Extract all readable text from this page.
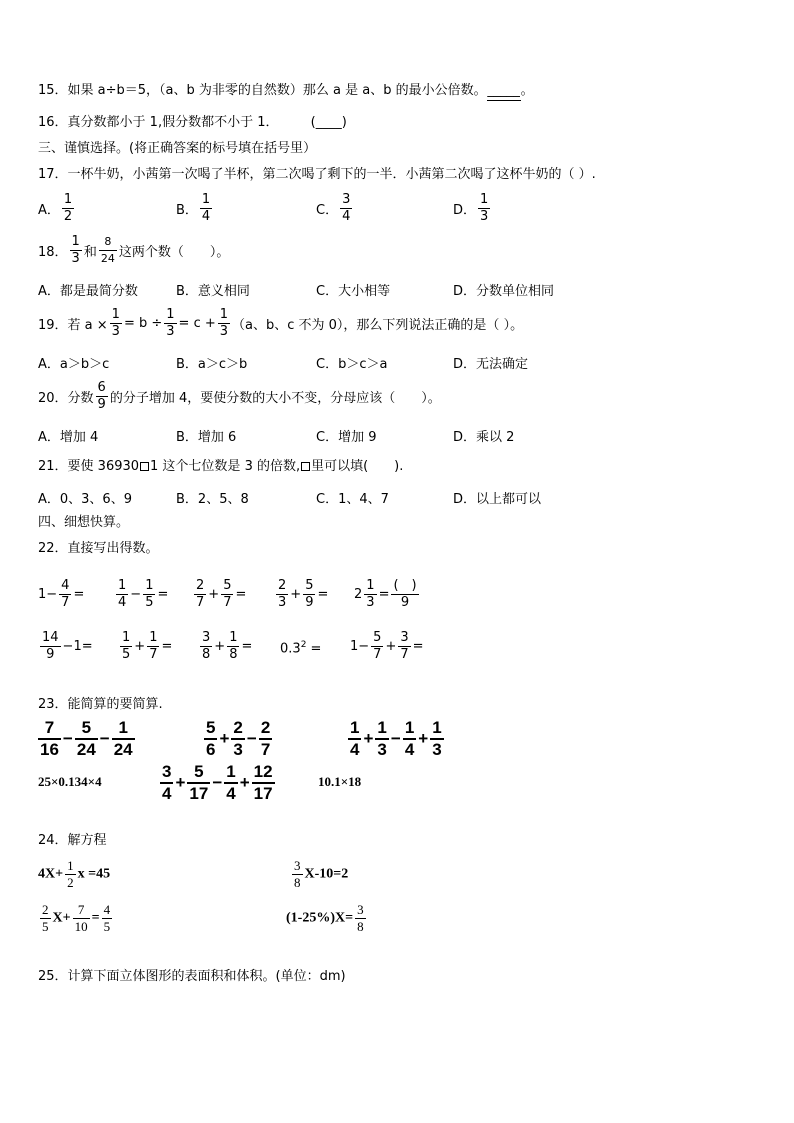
15．如果 a÷b＝5，（a、b 为非零的自然数）那么 a 是 a、b 的最小公倍数。_____。
16．真分数都小于 1,假分数都不小于 1． (____)
三、谨慎选择。(将正确答案的标号填在括号里）
17．一杯牛奶，小茜第一次喝了半杯，第二次喝了剩下的一半．小茜第二次喝了这杯牛奶的（ ）.
A． $\frac{1}{2}$	B． $\frac{1}{4}$	C． $\frac{3}{4}$	D． $\frac{1}{3}$
18． $\frac{1}{3}$ 和 $\frac{8}{24}$ 这两个数（　　）。
A．都是最简分数	B．意义相同	C．大小相等	D．分数单位相同
19．若 $a \times \frac{1}{3} = b \div \frac{1}{3} = c + \frac{1}{3} (a$、b、c 不为 0），那么下列说法正确的是（ ）。
A．a＞b＞c	B．a＞c＞b	C．b＞c＞a	D．无法确定
20．分数 $\frac{6}{9}$ 的分子增加 4，要使分数的大小不变，分母应该（　　）。
A．增加 4	B．增加 6	C．增加 9	D．乘以 2
21．要使 36930 1 这个七位数是 3 的倍数, 里可以填(　　).
A．0、3、6、9	B．2、5、8	C．1、4、7	D．以上都可以
四、细想快算。
22．直接写出得数。
$1- \frac{4}{7} = \frac{1}{4} - \frac{1}{5} = \frac{2}{7} + \frac{5}{7} = \frac{2}{3} + \frac{5}{9} = 2 \frac{1}{3} = \frac{( )}{9}$
$\frac{14}{9} -1= \frac{1}{5} + \frac{1}{7} = \frac{3}{8} + \frac{1}{8} = 0.3^2 = 1- \frac{5}{7} + \frac{3}{7}$ =
23．能简算的要简算.
$\frac{7}{16} - \frac{5}{24} - \frac{1}{24}$	$\frac{5}{6} + \frac{2}{3} - \frac{2}{7}$	$\frac{1}{4} + \frac{1}{3} - \frac{1}{4} + \frac{1}{3}$
25×0.134×4	$\frac{3}{4} + \frac{5}{17} - \frac{1}{4} + \frac{12}{17}$	10.1×18
24．解方程
$4X+ \frac{1}{2}$ x =45	$\frac{3}{8} X-10=2$
$\frac{2}{5} X+ \frac{7}{10} = \frac{4}{5}$	$(1-25\%)X= \frac{3}{8}$
25．计算下面立体图形的表面积和体积。(单位：dm)
